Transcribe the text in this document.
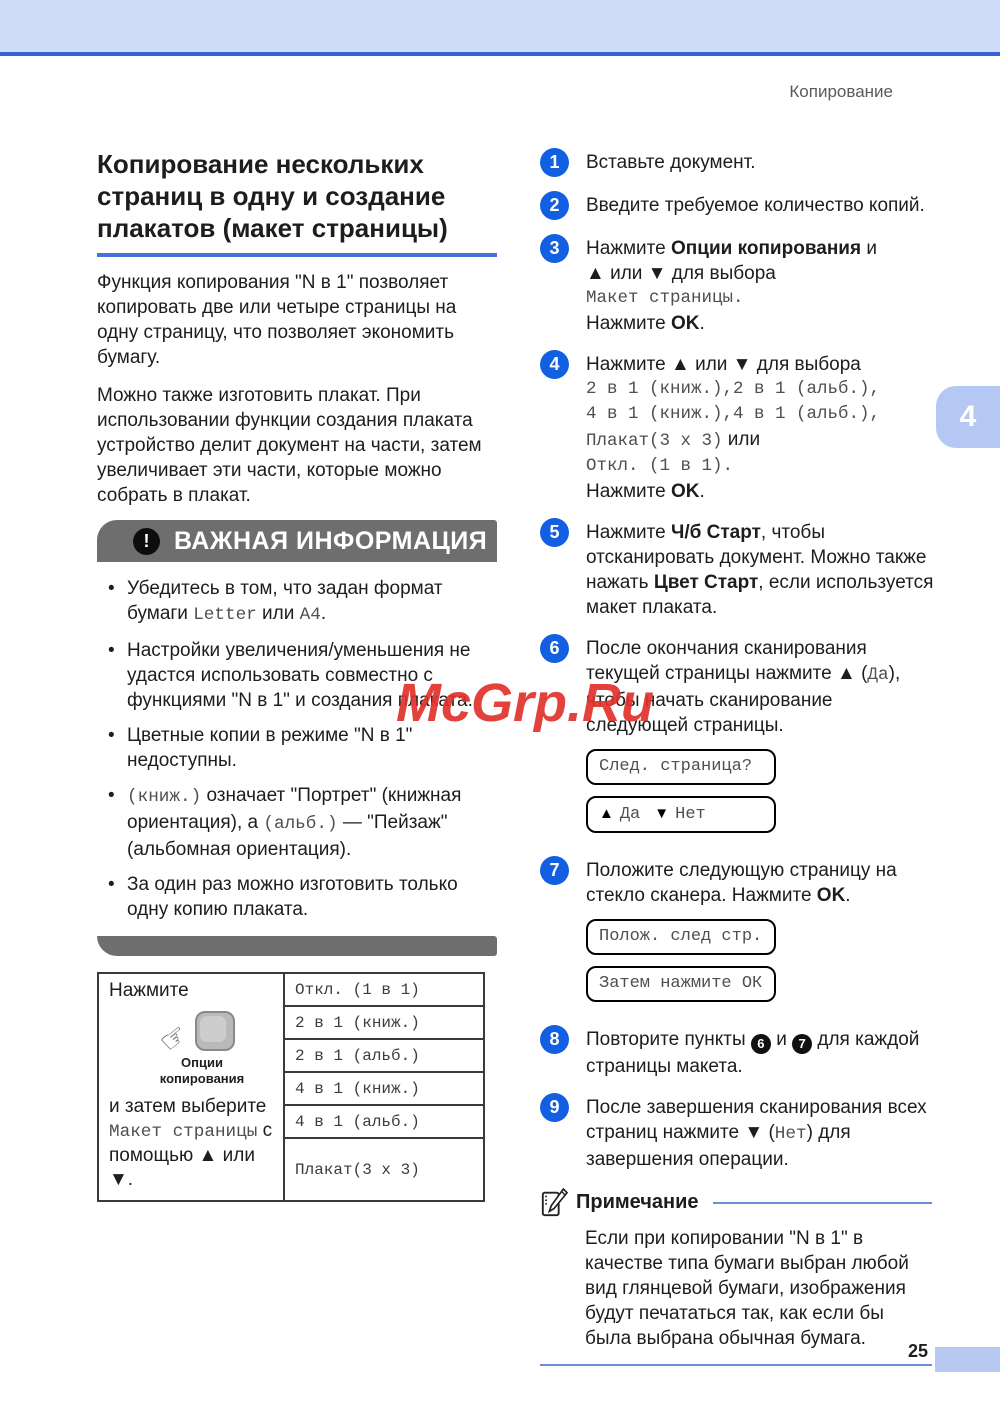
Копирование
4
Копирование нескольких страниц в одну и создание плакатов (макет страницы)

Функция копирования "N в 1" позволяет копировать две или четыре страницы на одну страницу, что позволяет экономить бумагу.

Можно также изготовить плакат. При использовании функции создания плаката устройство делит документ на части, затем увеличивает эти части, которые можно собрать в плакат.

! ВАЖНАЯ ИНФОРМАЦИЯ
• Убедитесь в том, что задан формат бумаги Letter или A4.
• Настройки увеличения/уменьшения не удастся использовать совместно с функциями "N в 1" и создания плаката.
• Цветные копии в режиме "N в 1" недоступны.
• (книж.) означает "Портрет" (книжная ориентация), а (альб.) — "Пейзаж" (альбомная ориентация).
• За один раз можно изготовить только одну копию плаката.
Нажмите
☞
Опции
копирования
и затем выберите
Макет страницы с
помощью ▲ или ▼.
Откл. (1 в 1)
2 в 1 (книж.)
2 в 1 (альб.)
4 в 1 (книж.)
4 в 1 (альб.)
Плакат(3 x 3)
1	Вставьте документ.
2	Введите требуемое количество копий.
3	Нажмите Опции копирования и
▲ или ▼ для выбора
Макет страницы.
Нажмите OK.
4	Нажмите ▲ или ▼ для выбора
2 в 1 (книж.),2 в 1 (альб.),
4 в 1 (книж.),4 в 1 (альб.),
Плакат(3 x 3) или
Откл. (1 в 1).
Нажмите OK.
5	Нажмите Ч/б Старт, чтобы отсканировать документ. Можно также нажать Цвет Старт, если используется макет плаката.
6	После окончания сканирования текущей страницы нажмите ▲ (Да), чтобы начать сканирование следующей страницы.
След. страница?
▲ Да ▼ Нет
7	Положите следующую страницу на стекло сканера. Нажмите OK.
Полож. след стр.
Затем нажмите ОК
8	Повторите пункты 6 и 7 для каждой страницы макета.
9	После завершения сканирования всех страниц нажмите ▼ (Нет) для завершения операции.
Примечание
Если при копировании "N в 1" в качестве типа бумаги выбран любой вид глянцевой бумаги, изображения будут печататься так, как если бы была выбрана обычная бумага.
McGrp.Ru
25
